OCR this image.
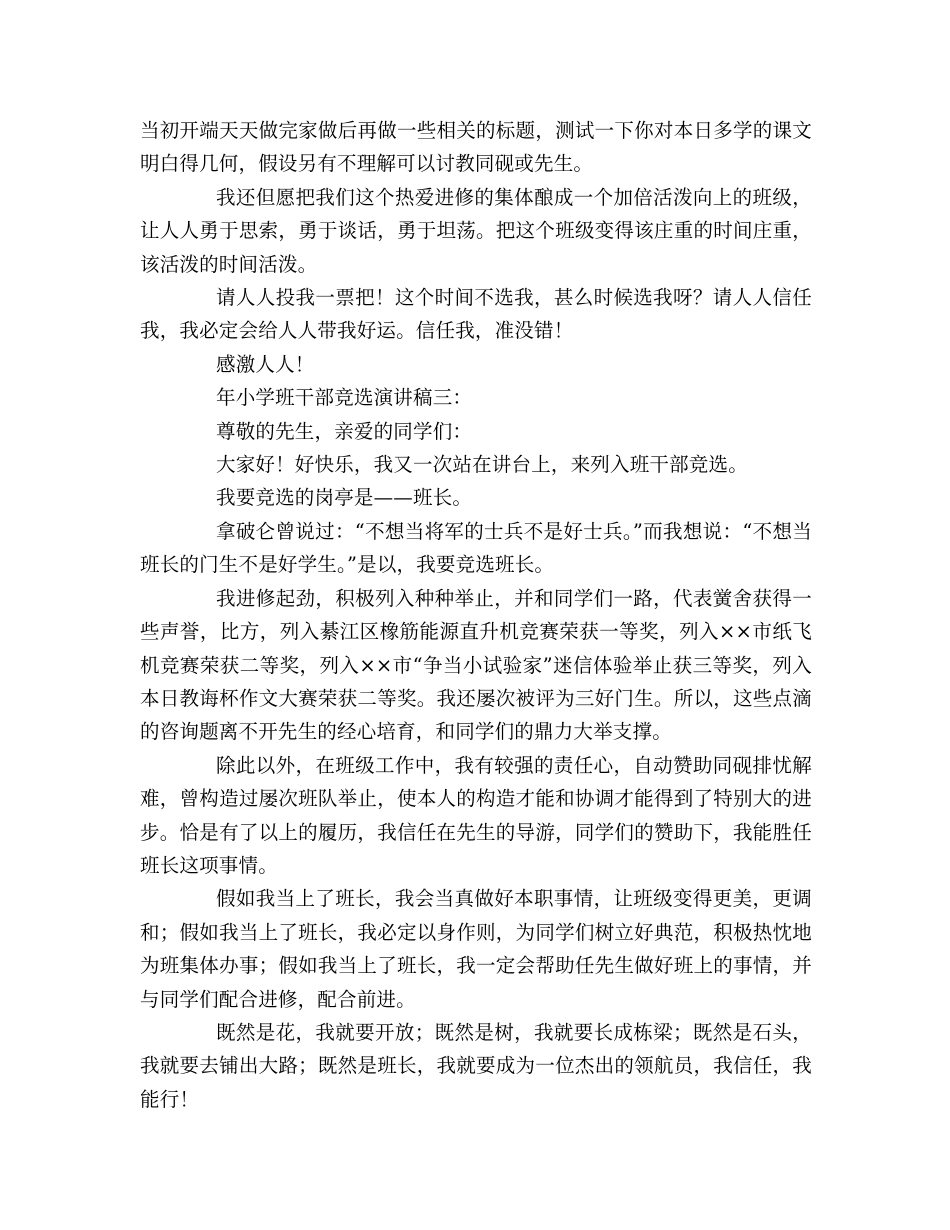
当初开端天天做完家做后再做一些相关的标题，测试一下你对本日多学的课文明白得几何，假设另有不理解可以讨教同砚或先生。

我还但愿把我们这个热爱进修的集体酿成一个加倍活泼向上的班级，让人人勇于思索，勇于谈话，勇于坦荡。把这个班级变得该庄重的时间庄重，该活泼的时间活泼。

请人人投我一票把！这个时间不选我，甚么时候选我呀？请人人信任我，我必定会给人人带我好运。信任我，准没错！

感激人人！

年小学班干部竞选演讲稿三：

尊敬的先生，亲爱的同学们：

大家好！好快乐，我又一次站在讲台上，来列入班干部竞选。

我要竞选的岗亭是——班长。

拿破仑曾说过：“不想当将军的士兵不是好士兵。”而我想说：“不想当班长的门生不是好学生。”是以，我要竞选班长。

我进修起劲，积极列入种种举止，并和同学们一路，代表黉舍获得一些声誉，比方，列入綦江区橡筋能源直升机竞赛荣获一等奖，列入××市纸飞机竞赛荣获二等奖，列入××市“争当小试验家”迷信体验举止获三等奖，列入本日教诲杯作文大赛荣获二等奖。我还屡次被评为三好门生。所以，这些点滴的咨询题离不开先生的经心培育，和同学们的鼎力大举支撑。

除此以外，在班级工作中，我有较强的责任心，自动赞助同砚排忧解难，曾构造过屡次班队举止，使本人的构造才能和协调才能得到了特别大的进步。恰是有了以上的履历，我信任在先生的导游，同学们的赞助下，我能胜任班长这项事情。

假如我当上了班长，我会当真做好本职事情，让班级变得更美，更调和；假如我当上了班长，我必定以身作则，为同学们树立好典范，积极热忱地为班集体办事；假如我当上了班长，我一定会帮助任先生做好班上的事情，并与同学们配合进修，配合前进。

既然是花，我就要开放；既然是树，我就要长成栋梁；既然是石头，我就要去铺出大路；既然是班长，我就要成为一位杰出的领航员，我信任，我能行！
